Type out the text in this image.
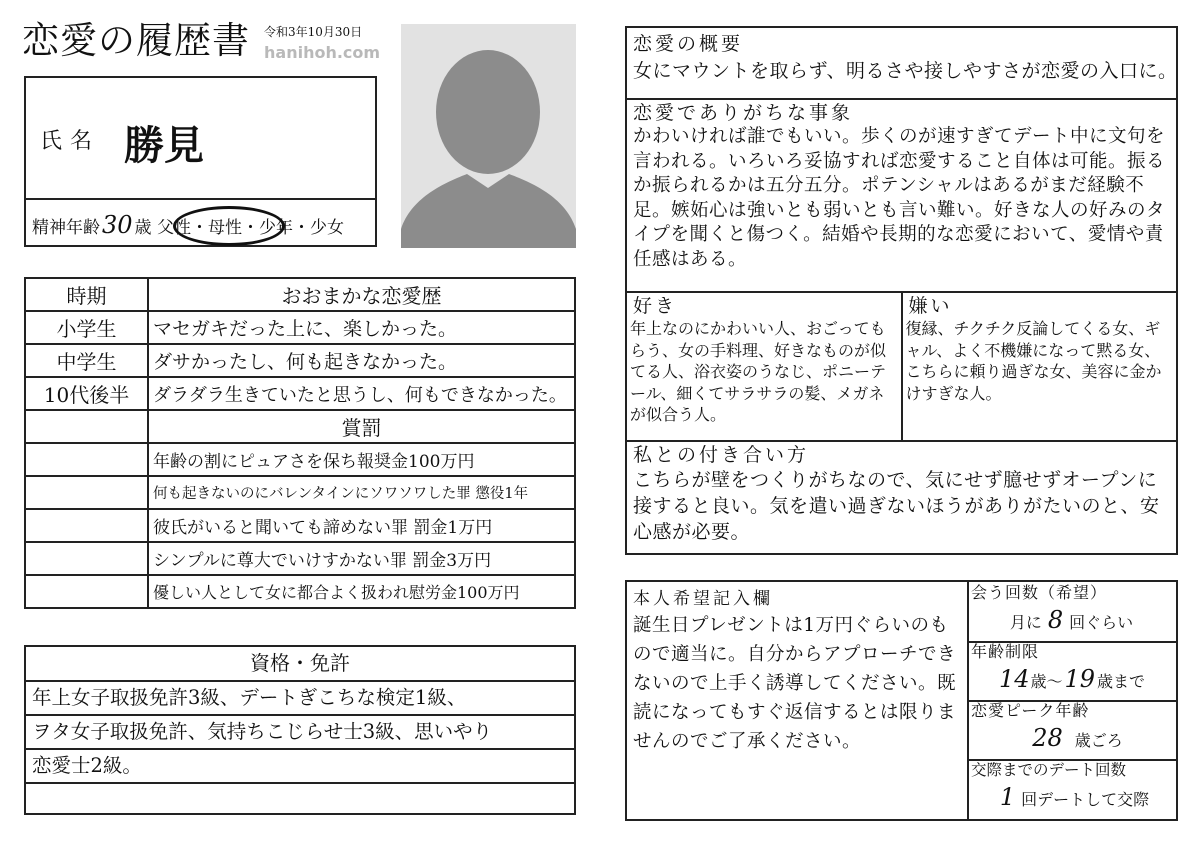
恋愛の履歴書 令和3年10月30日
hanihoh.com
氏名 勝見
精神年齢30 歳 父性・母性・少年・少女
時期	おおまかな恋愛歴
小学生	マセガキだった上に、楽しかった。
中学生	ダサかったし、何も起きなかった。
10代後半	ダラダラ生きていたと思うし、何もできなかった。
	賞罰
	年齢の割にピュアさを保ち報奨金100万円
	何も起きないのにバレンタインにソワソワした罪 懲役1年
	彼氏がいると聞いても諦めない罪 罰金1万円
	シンプルに尊大でいけすかない罪 罰金3万円
	優しい人として女に都合よく扱われ慰労金100万円
資格・免許
年上女子取扱免許3級、デートぎこちな検定1級、
ヲタ女子取扱免許、気持ちこじらせ士3級、思いやり
恋愛士2級。
恋愛の概要
女にマウントを取らず、明るさや接しやすさが恋愛の入口に。
恋愛でありがちな事象
かわいければ誰でもいい。歩くのが速すぎてデート中に文句を言われる。いろいろ妥協すれば恋愛すること自体は可能。振るか振られるかは五分五分。ポテンシャルはあるがまだ経験不足。嫉妬心は強いとも弱いとも言い難い。好きな人の好みのタイプを聞くと傷つく。結婚や長期的な恋愛において、愛情や責任感はある。
好き
年上なのにかわいい人、おごってもらう、女の手料理、好きなものが似てる人、浴衣姿のうなじ、ポニーテール、細くてサラサラの髪、メガネが似合う人。
嫌い
復縁、チクチク反論してくる女、ギャル、よく不機嫌になって黙る女、こちらに頼り過ぎな女、美容に金かけすぎな人。
私との付き合い方
こちらが壁をつくりがちなので、気にせず臆せずオープンに接すると良い。気を遣い過ぎないほうがありがたいのと、安心感が必要。
本人希望記入欄
誕生日プレゼントは1万円ぐらいのもので適当に。自分からアプローチできないので上手く誘導してください。既読になってもすぐ返信するとは限りませんのでご了承ください。
会う回数（希望）
月に 8 回ぐらい
年齢制限
14歳〜19 歳まで
恋愛ピーク年齢
28 歳ごろ
交際までのデート回数
1 回デートして交際
